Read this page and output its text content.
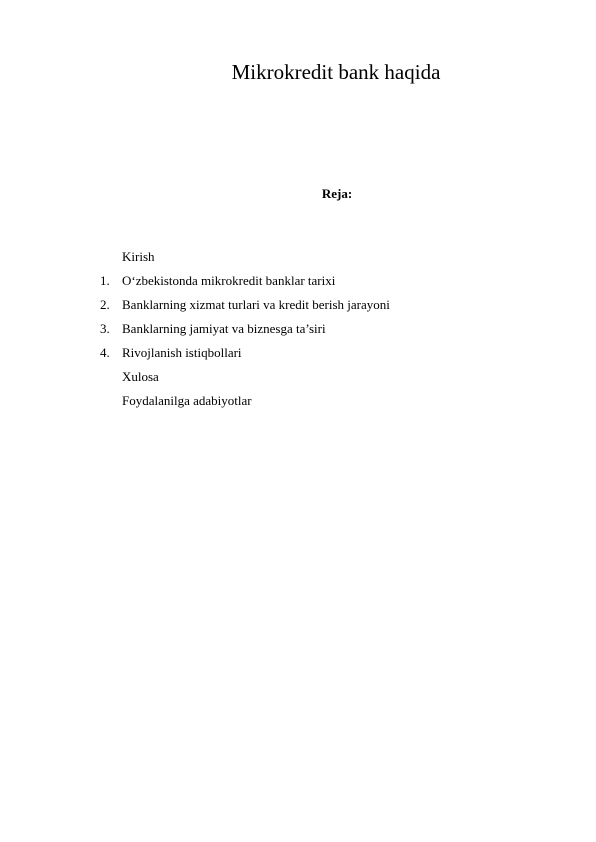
Mikrokredit bank haqida
Reja:
Kirish
1. O‘zbekistonda mikrokredit banklar tarixi
2. Banklarning xizmat turlari va kredit berish jarayoni
3. Banklarning jamiyat va biznesga ta’siri
4. Rivojlanish istiqbollari
Xulosa
Foydalanilga adabiyotlar
